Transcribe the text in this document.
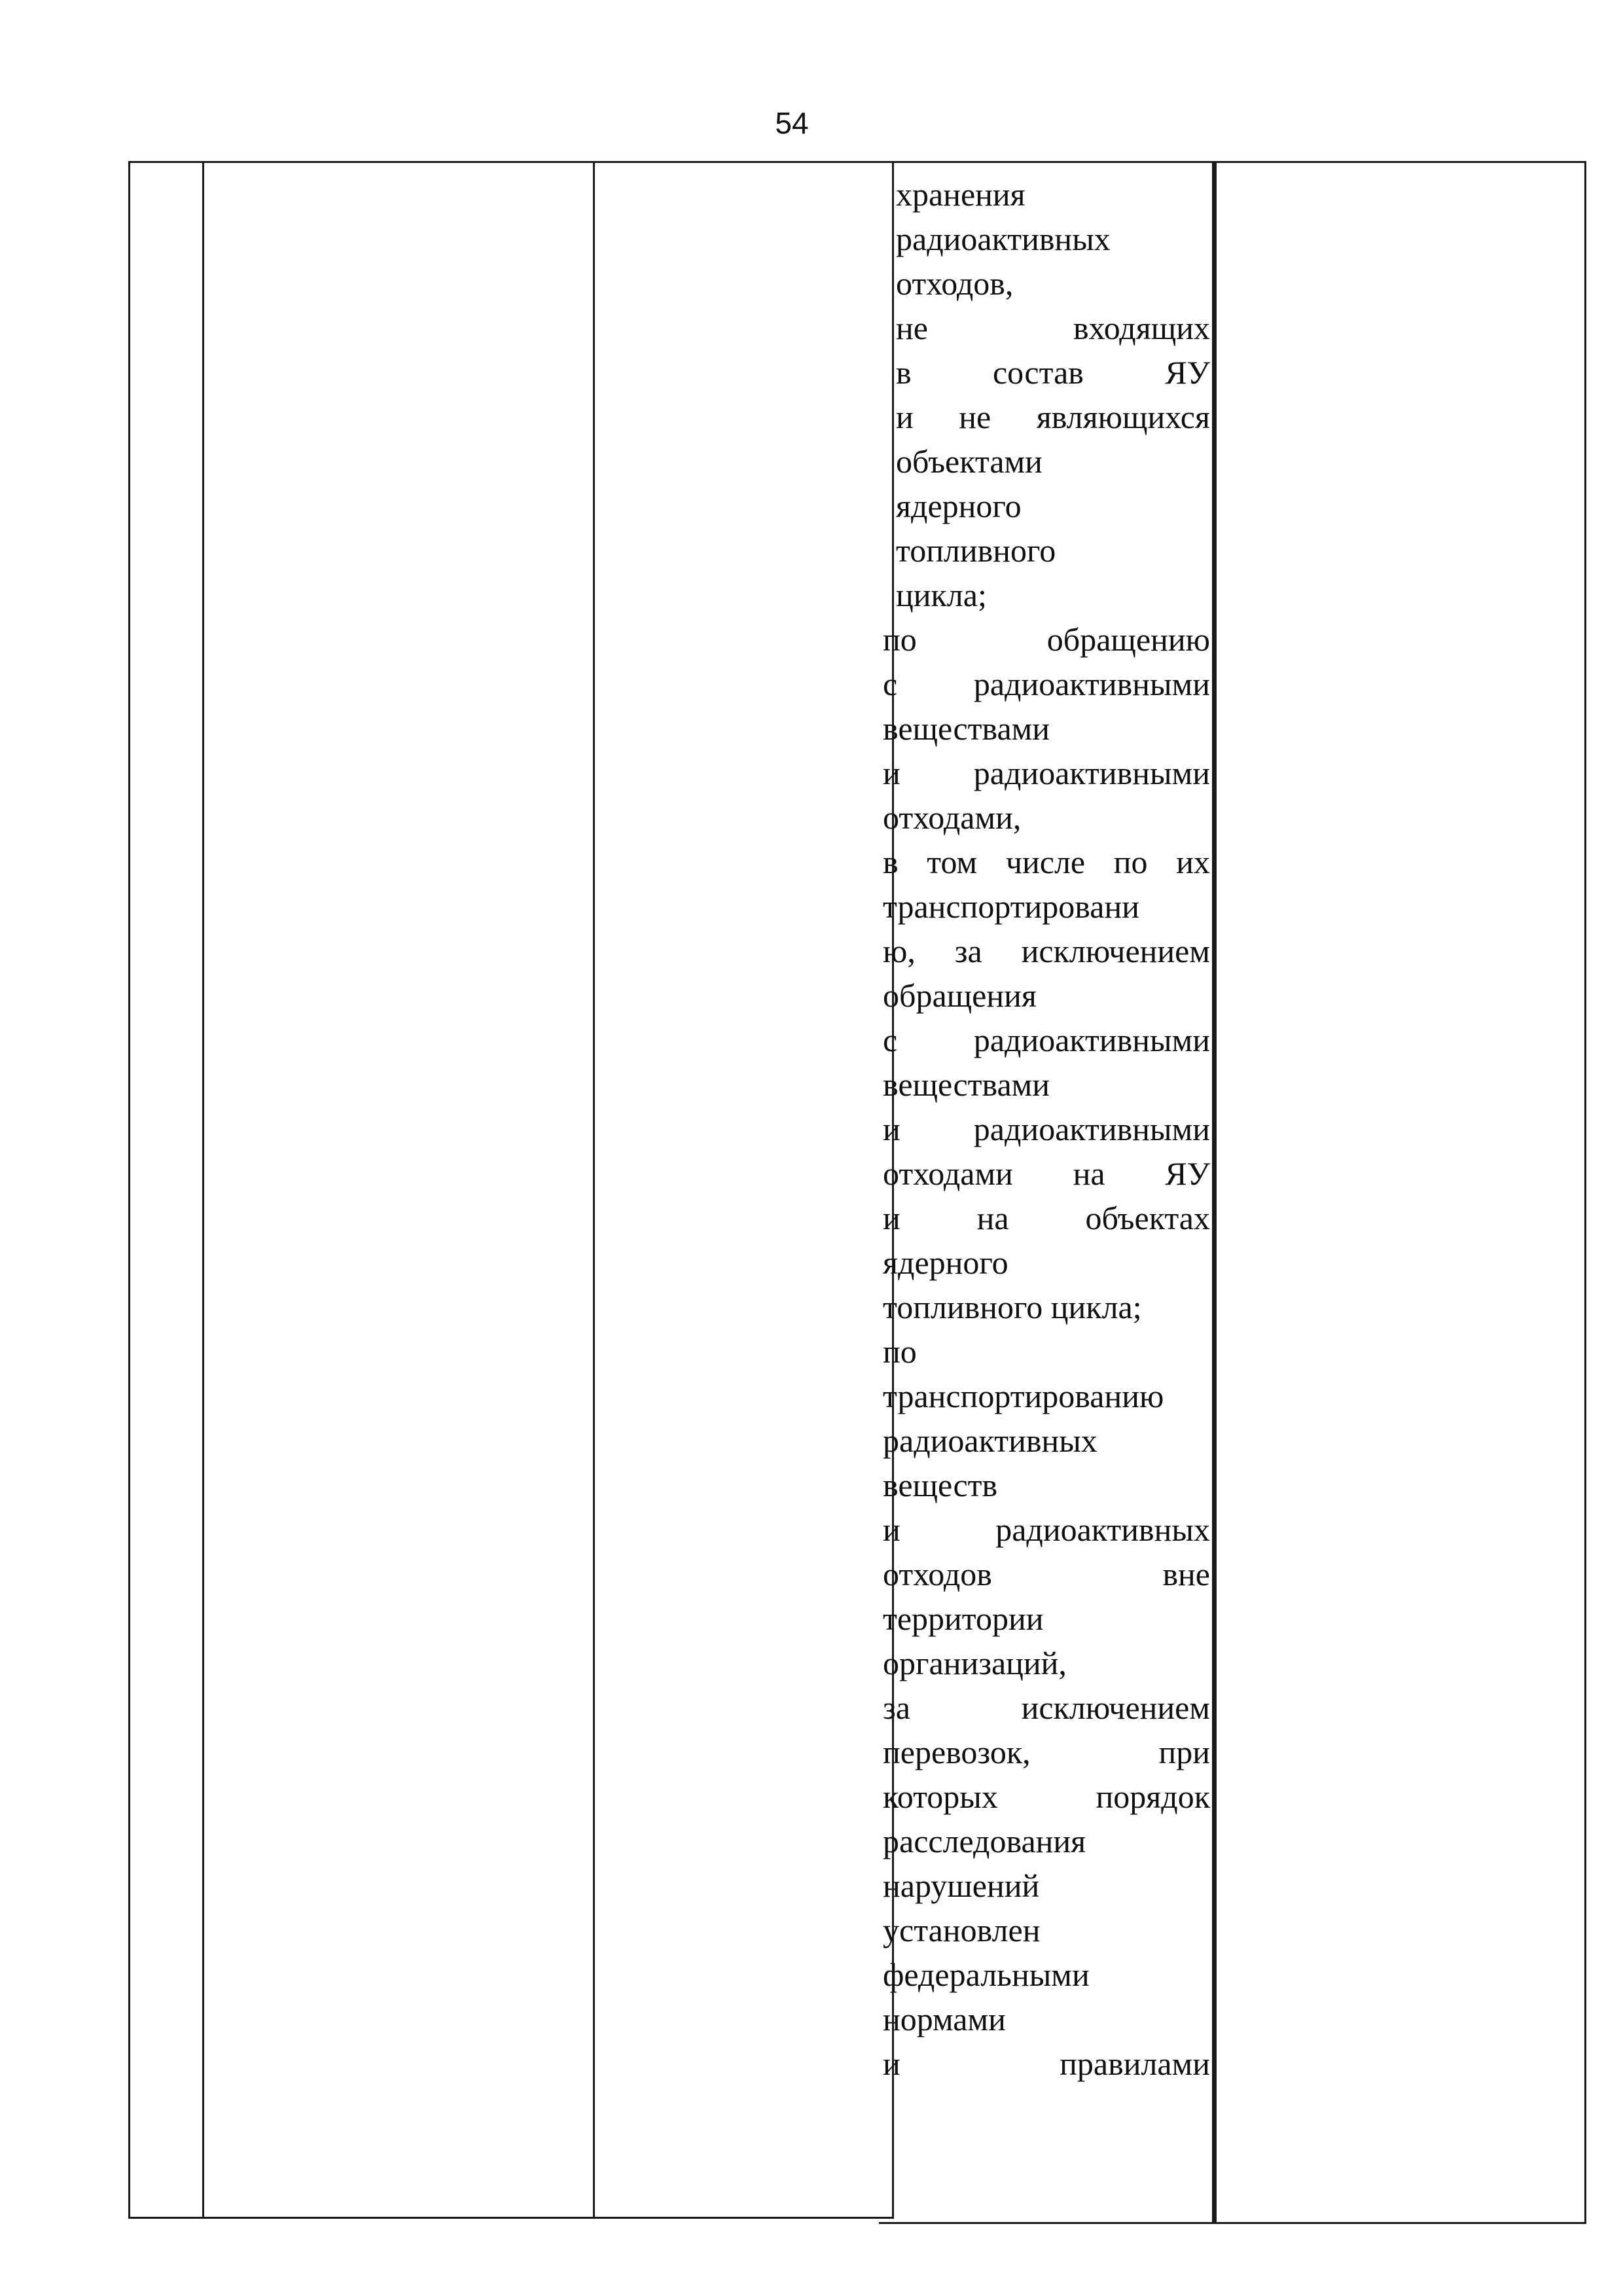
54
хранения
радиоактивных
отходов,
не входящих
в состав ЯУ
и не являющихся
объектами
ядерного
топливного
цикла;
по обращению
с радиоактивными
веществами
и радиоактивными
отходами,
в том числе по их
транспортировани
ю, за исключением
обращения
с радиоактивными
веществами
и радиоактивными
отходами на ЯУ
и на объектах
ядерного
топливного цикла;
по
транспортированию
радиоактивных
веществ
и радиоактивных
отходов вне
территории
организаций,
за исключением
перевозок, при
которых порядок
расследования
нарушений
установлен
федеральными
нормами
и правилами
